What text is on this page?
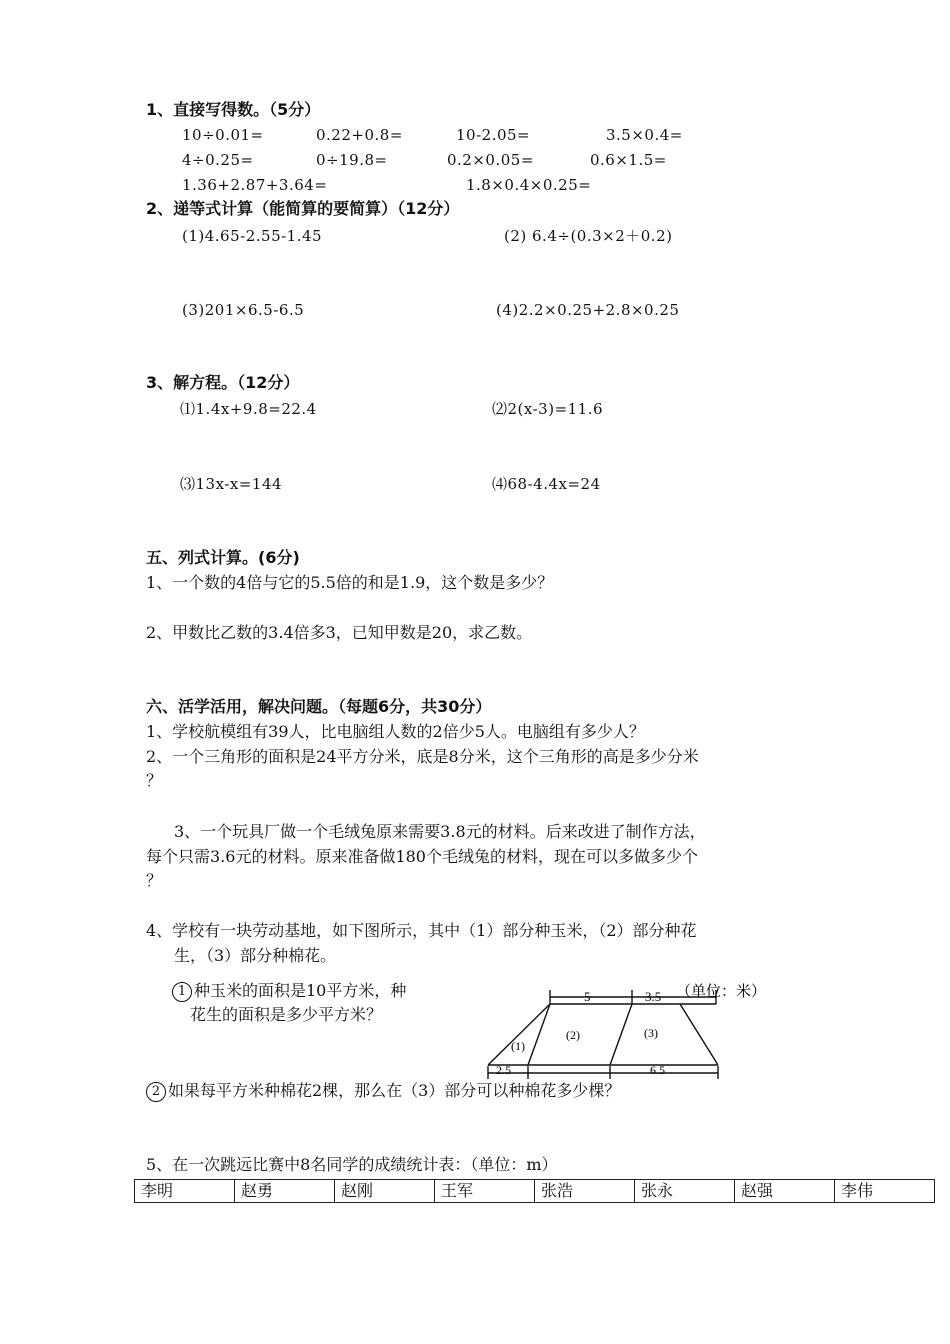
1、直接写得数。（5分）
10÷0.01=	0.22+0.8=	10-2.05=	3.5×0.4=
4÷0.25=	0÷19.8=	0.2×0.05=	0.6×1.5=
1.36+2.87+3.64=	1.8×0.4×0.25=
2、递等式计算（能简算的要简算）（12分）
(1)4.65-2.55-1.45	(2) 6.4÷(0.3×2＋0.2)
(3)201×6.5-6.5	(4)2.2×0.25+2.8×0.25
3、解方程。（12分）
⑴1.4x+9.8=22.4	⑵2(x-3)=11.6
⑶13x-x=144	⑷68-4.4x=24
五、列式计算。(6分)
1、一个数的4倍与它的5.5倍的和是1.9，这个数是多少？
2、甲数比乙数的3.4倍多3，已知甲数是20，求乙数。
六、活学活用，解决问题。（每题6分，共30分）
1、学校航模组有39人，比电脑组人数的2倍少5人。电脑组有多少人？
2、一个三角形的面积是24平方分米，底是8分米，这个三角形的高是多少分米
？
3、一个玩具厂做一个毛绒兔原来需要3.8元的材料。后来改进了制作方法，
每个只需3.6元的材料。原来准备做180个毛绒兔的材料，现在可以多做多少个
？
4、学校有一块劳动基地，如下图所示，其中（1）部分种玉米，（2）部分种花
生，（3）部分种棉花。
1 种玉米的面积是10平方米，种
花生的面积是多少平方米？
2 如果每平方米种棉花2棵，那么在（3）部分可以种棉花多少棵？
5	3.5 （单位：米）
(1)
(2)	(3)
2.5	6.5
5、在一次跳远比赛中8名同学的成绩统计表：（单位：m）
李明	赵勇	赵刚	王军	张浩	张永	赵强	李伟
